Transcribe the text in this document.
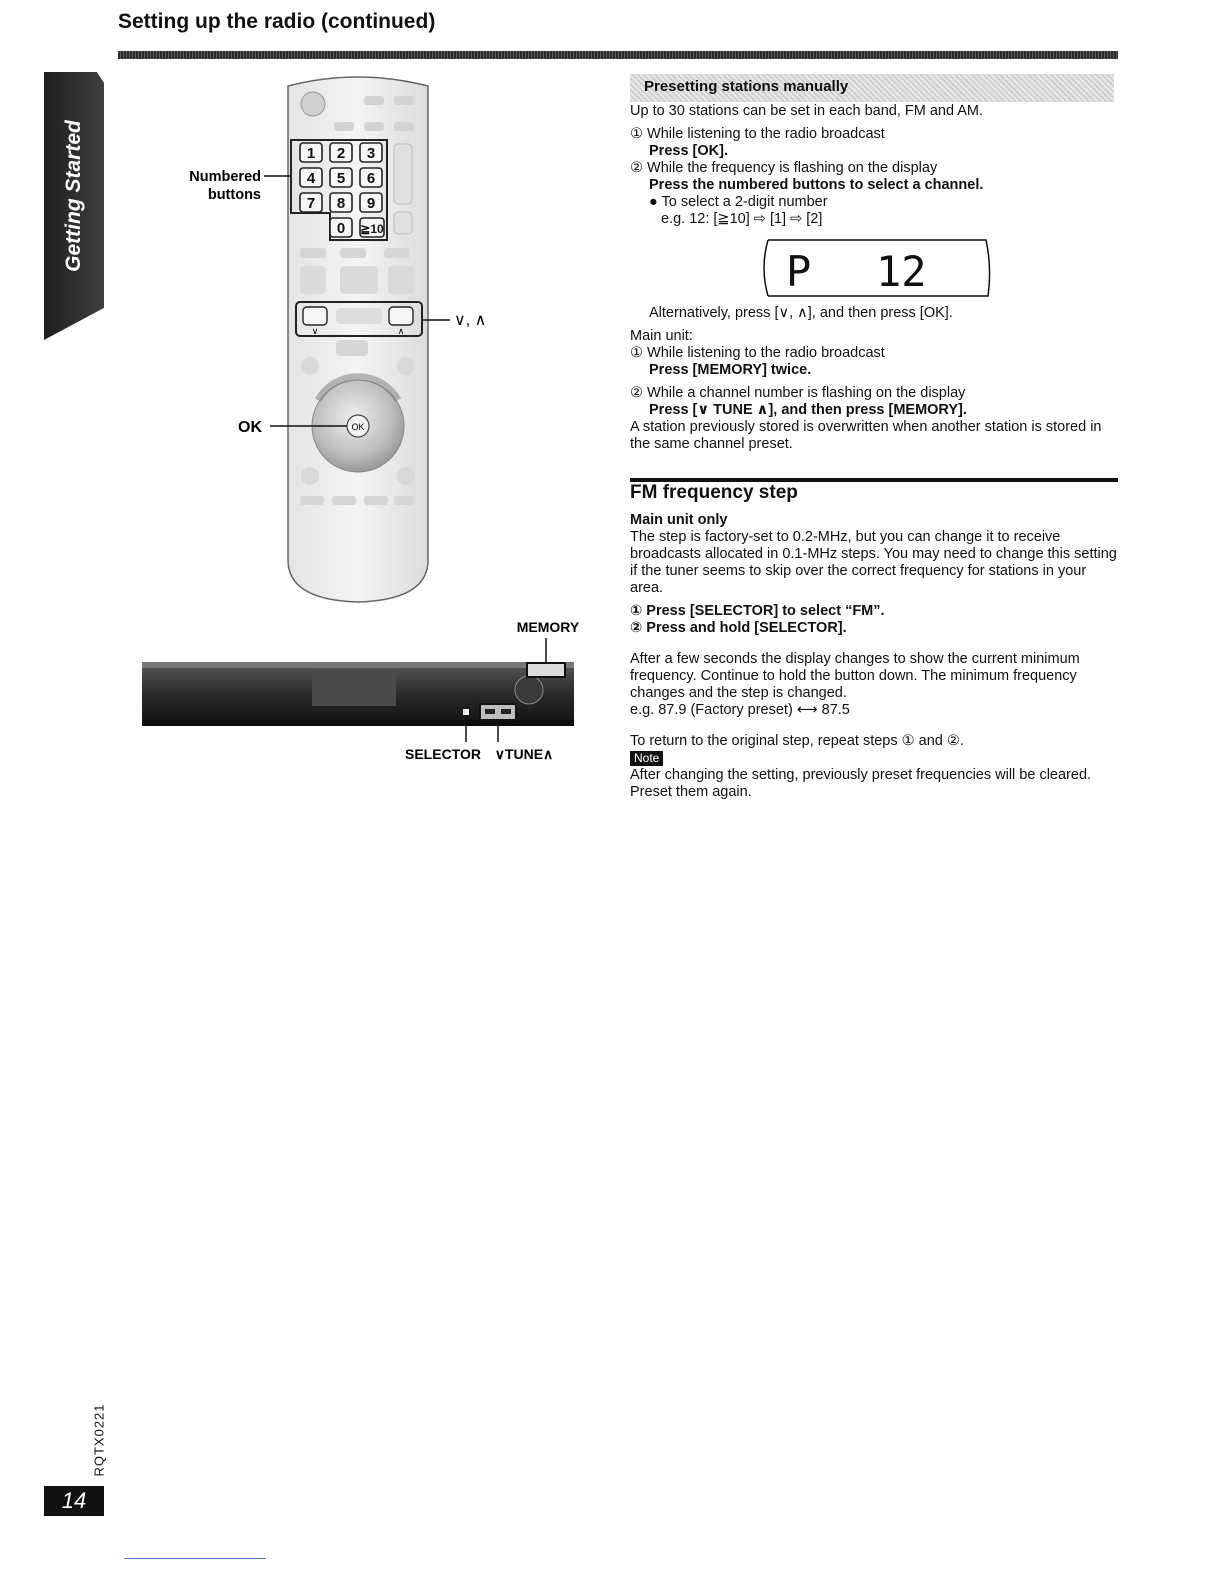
Setting up the radio (continued)
Getting Started	1 2 3
4 5 6
7 8 9
0 ≧10
∨	∧
OK
Numbered
buttons
∨, ∧
OK
MEMORY
SELECTOR ∨TUNE∧
Presetting stations manually

Up to 30 stations can be set in each band, FM and AM.

① While listening to the radio broadcast

Press [OK].

② While the frequency is flashing on the display

Press the numbered buttons to select a channel.

● To select a 2-digit number

e.g. 12: [≧10] ⇨ [1] ⇨ [2]

P 12

Alternatively, press [∨, ∧], and then press [OK].

Main unit:

① While listening to the radio broadcast

Press [MEMORY] twice.

② While a channel number is flashing on the display

Press [∨ TUNE ∧], and then press [MEMORY].

A station previously stored is overwritten when another station is stored in the same channel preset.

FM frequency step

Main unit only

The step is factory-set to 0.2-MHz, but you can change it to receive broadcasts allocated in 0.1-MHz steps. You may need to change this setting if the tuner seems to skip over the correct frequency for stations in your area.

① Press [SELECTOR] to select “FM”.

② Press and hold [SELECTOR].

After a few seconds the display changes to show the current minimum frequency. Continue to hold the button down. The minimum frequency changes and the step is changed.

e.g. 87.9 (Factory preset) ⟷ 87.5

To return to the original step, repeat steps ① and ②.

Note

After changing the setting, previously preset frequencies will be cleared. Preset them again.

RQTX0221
14
